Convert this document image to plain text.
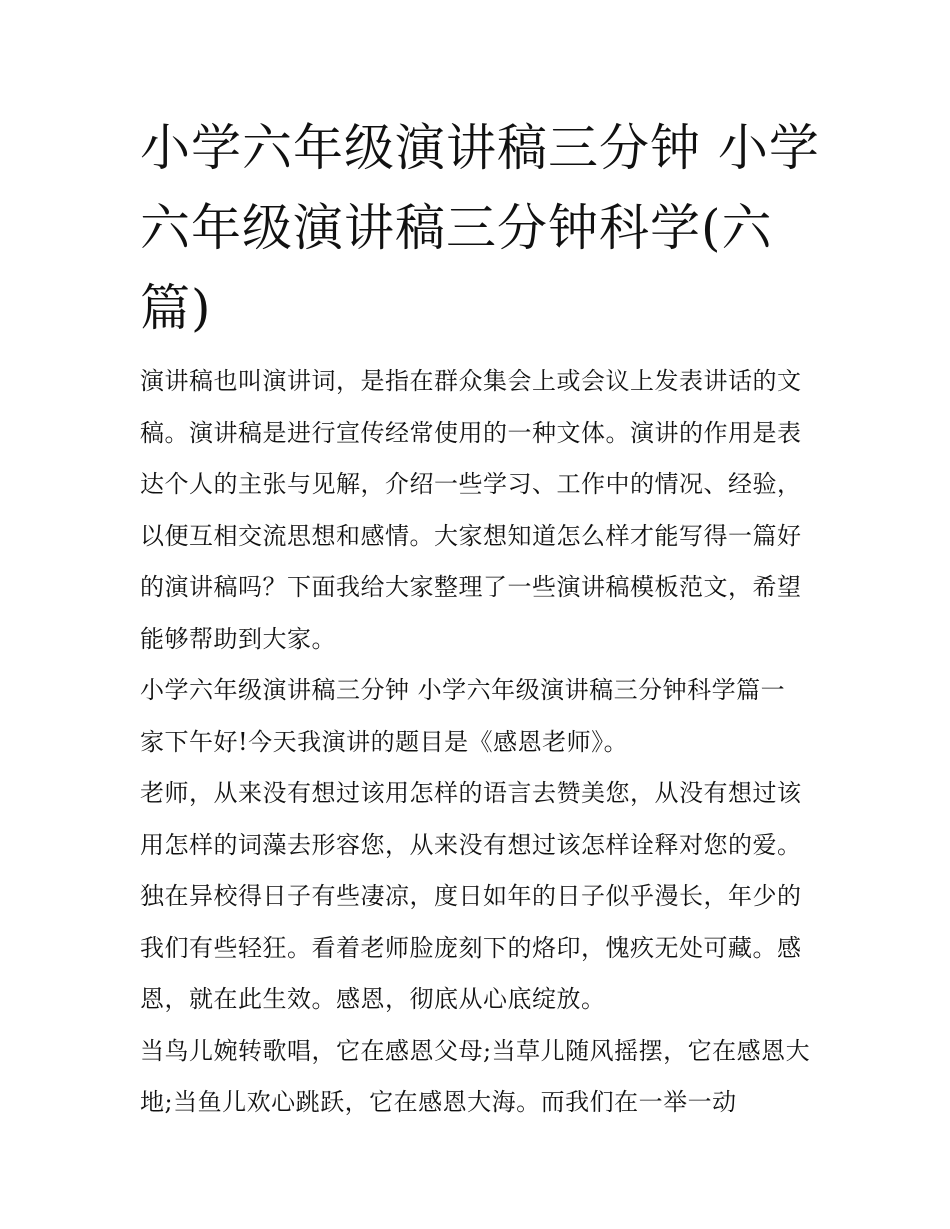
小学六年级演讲稿三分钟 小学六年级演讲稿三分钟科学(六篇)

演讲稿也叫演讲词，是指在群众集会上或会议上发表讲话的文稿。演讲稿是进行宣传经常使用的一种文体。演讲的作用是表达个人的主张与见解，介绍一些学习、工作中的情况、经验，以便互相交流思想和感情。大家想知道怎么样才能写得一篇好的演讲稿吗？下面我给大家整理了一些演讲稿模板范文，希望能够帮助到大家。

小学六年级演讲稿三分钟 小学六年级演讲稿三分钟科学篇一

家下午好!今天我演讲的题目是《感恩老师》。

老师，从来没有想过该用怎样的语言去赞美您，从没有想过该用怎样的词藻去形容您，从来没有想过该怎样诠释对您的爱。独在异校得日子有些凄凉，度日如年的日子似乎漫长，年少的我们有些轻狂。看着老师脸庞刻下的烙印，愧疚无处可藏。感恩，就在此生效。感恩，彻底从心底绽放。

当鸟儿婉转歌唱，它在感恩父母;当草儿随风摇摆，它在感恩大地;当鱼儿欢心跳跃，它在感恩大海。而我们在一举一动
